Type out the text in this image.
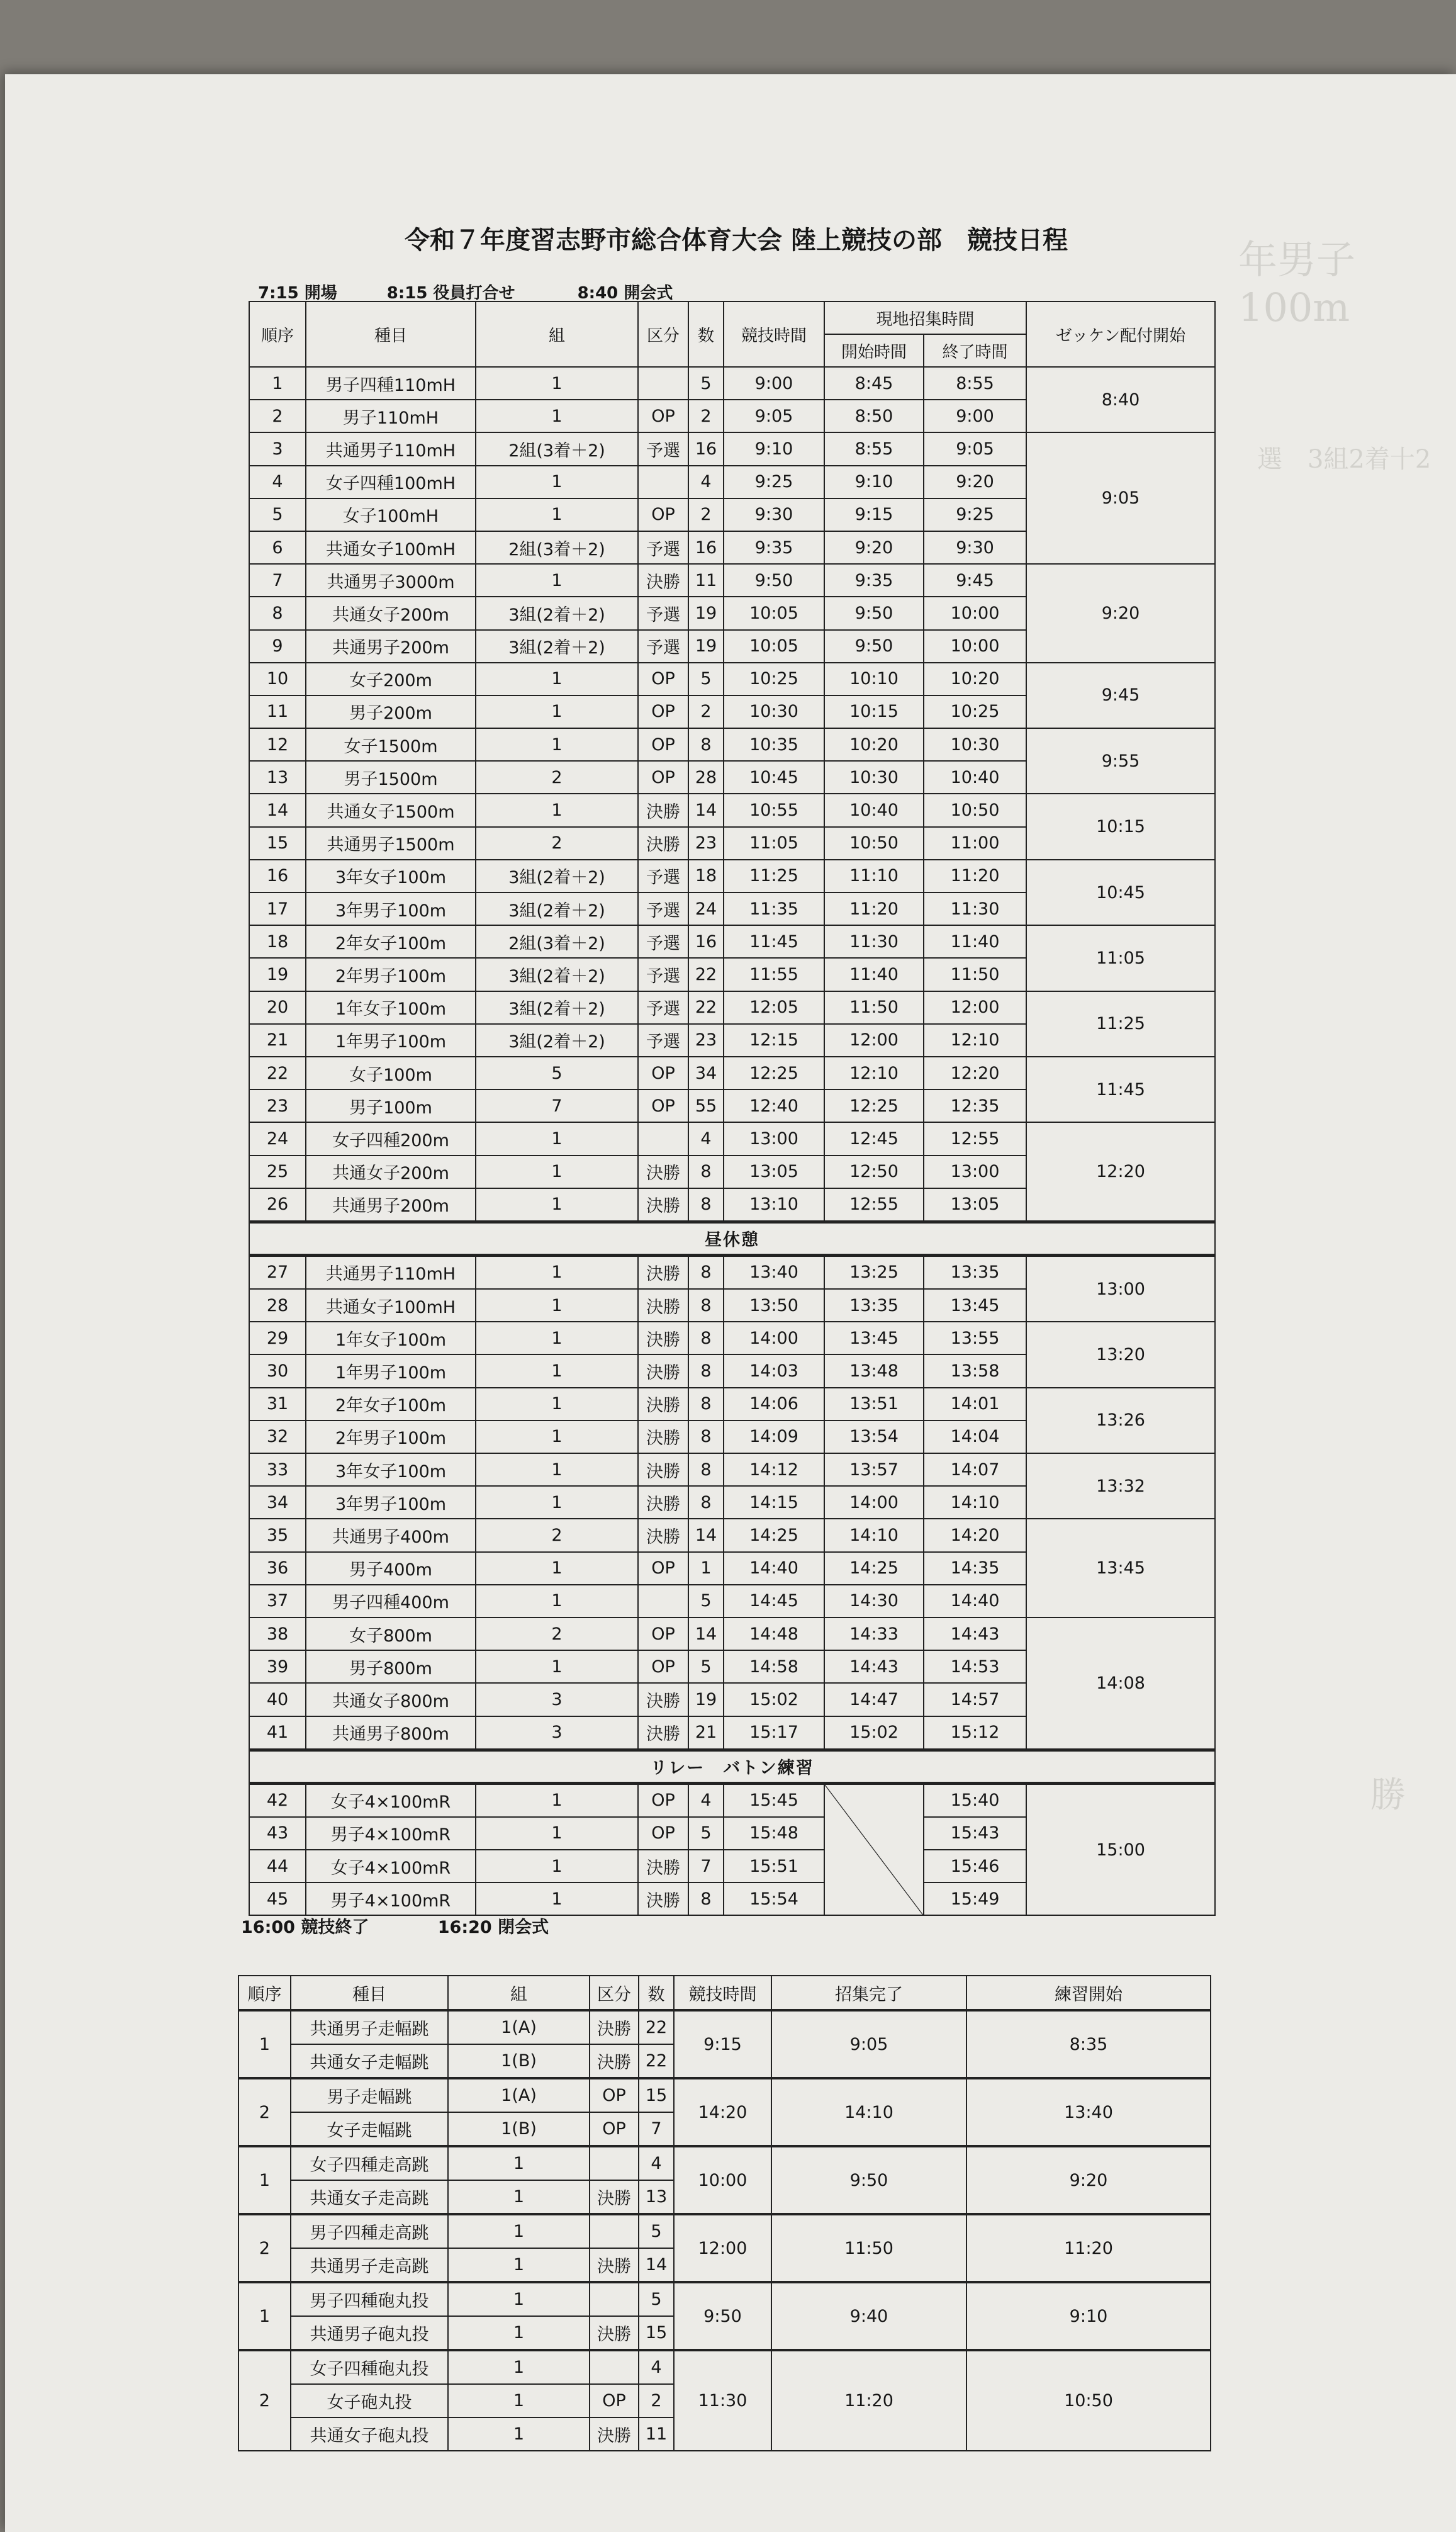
年男子100m
選　3組2着十2
勝
令和７年度習志野市総合体育大会 陸上競技の部　競技日程
7:15 開場	8:15 役員打合せ	8:40 開会式
順序	種目	組	区分	数	競技時間	現地招集時間		ゼッケン配付開始
						開始時間	終了時間	
1	男子四種110mH	1		5	9:00	8:45	8:55	8:40
2	男子110mH	1	OP	2	9:05	8:50	9:00	
3	共通男子110mH	2組(3着＋2)	予選	16	9:10	8:55	9:05	9:05
4	女子四種100mH	1		4	9:25	9:10	9:20	
5	女子100mH	1	OP	2	9:30	9:15	9:25	
6	共通女子100mH	2組(3着＋2)	予選	16	9:35	9:20	9:30	
7	共通男子3000m	1	決勝	11	9:50	9:35	9:45	9:20
8	共通女子200m	3組(2着＋2)	予選	19	10:05	9:50	10:00	
9	共通男子200m	3組(2着＋2)	予選	19	10:05	9:50	10:00	
10	女子200m	1	OP	5	10:25	10:10	10:20	9:45
11	男子200m	1	OP	2	10:30	10:15	10:25	
12	女子1500m	1	OP	8	10:35	10:20	10:30	9:55
13	男子1500m	2	OP	28	10:45	10:30	10:40	
14	共通女子1500m	1	決勝	14	10:55	10:40	10:50	10:15
15	共通男子1500m	2	決勝	23	11:05	10:50	11:00	
16	3年女子100m	3組(2着＋2)	予選	18	11:25	11:10	11:20	10:45
17	3年男子100m	3組(2着＋2)	予選	24	11:35	11:20	11:30	
18	2年女子100m	2組(3着＋2)	予選	16	11:45	11:30	11:40	11:05
19	2年男子100m	3組(2着＋2)	予選	22	11:55	11:40	11:50	
20	1年女子100m	3組(2着＋2)	予選	22	12:05	11:50	12:00	11:25
21	1年男子100m	3組(2着＋2)	予選	23	12:15	12:00	12:10	
22	女子100m	5	OP	34	12:25	12:10	12:20	11:45
23	男子100m	7	OP	55	12:40	12:25	12:35	
24	女子四種200m	1		4	13:00	12:45	12:55	12:20
25	共通女子200m	1	決勝	8	13:05	12:50	13:00	
26	共通男子200m	1	決勝	8	13:10	12:55	13:05	
昼休憩								
27	共通男子110mH	1	決勝	8	13:40	13:25	13:35	13:00
28	共通女子100mH	1	決勝	8	13:50	13:35	13:45	
29	1年女子100m	1	決勝	8	14:00	13:45	13:55	13:20
30	1年男子100m	1	決勝	8	14:03	13:48	13:58	
31	2年女子100m	1	決勝	8	14:06	13:51	14:01	13:26
32	2年男子100m	1	決勝	8	14:09	13:54	14:04	
33	3年女子100m	1	決勝	8	14:12	13:57	14:07	13:32
34	3年男子100m	1	決勝	8	14:15	14:00	14:10	
35	共通男子400m	2	決勝	14	14:25	14:10	14:20	13:45
36	男子400m	1	OP	1	14:40	14:25	14:35	
37	男子四種400m	1		5	14:45	14:30	14:40	
38	女子800m	2	OP	14	14:48	14:33	14:43	14:08
39	男子800m	1	OP	5	14:58	14:43	14:53	
40	共通女子800m	3	決勝	19	15:02	14:47	14:57	
41	共通男子800m	3	決勝	21	15:17	15:02	15:12	
リレー　バトン練習								
42	女子4×100mR	1	OP	4	15:45		15:40	15:00
43	男子4×100mR	1	OP	5	15:48		15:43	
44	女子4×100mR	1	決勝	7	15:51		15:46	
45	男子4×100mR	1	決勝	8	15:54		15:49	
16:00 競技終了	16:20 閉会式
順序	種目	組	区分	数	競技時間	招集完了	練習開始
1	共通男子走幅跳	1(A)	決勝	22	9:15	9:05	8:35
	共通女子走幅跳	1(B)	決勝	22			
2	男子走幅跳	1(A)	OP	15	14:20	14:10	13:40
	女子走幅跳	1(B)	OP	7			
1	女子四種走高跳	1		4	10:00	9:50	9:20
	共通女子走高跳	1	決勝	13			
2	男子四種走高跳	1		5	12:00	11:50	11:20
	共通男子走高跳	1	決勝	14			
1	男子四種砲丸投	1		5	9:50	9:40	9:10
	共通男子砲丸投	1	決勝	15			
2	女子四種砲丸投	1		4	11:30	11:20	10:50
	女子砲丸投	1	OP	2			
	共通女子砲丸投	1	決勝	11			
